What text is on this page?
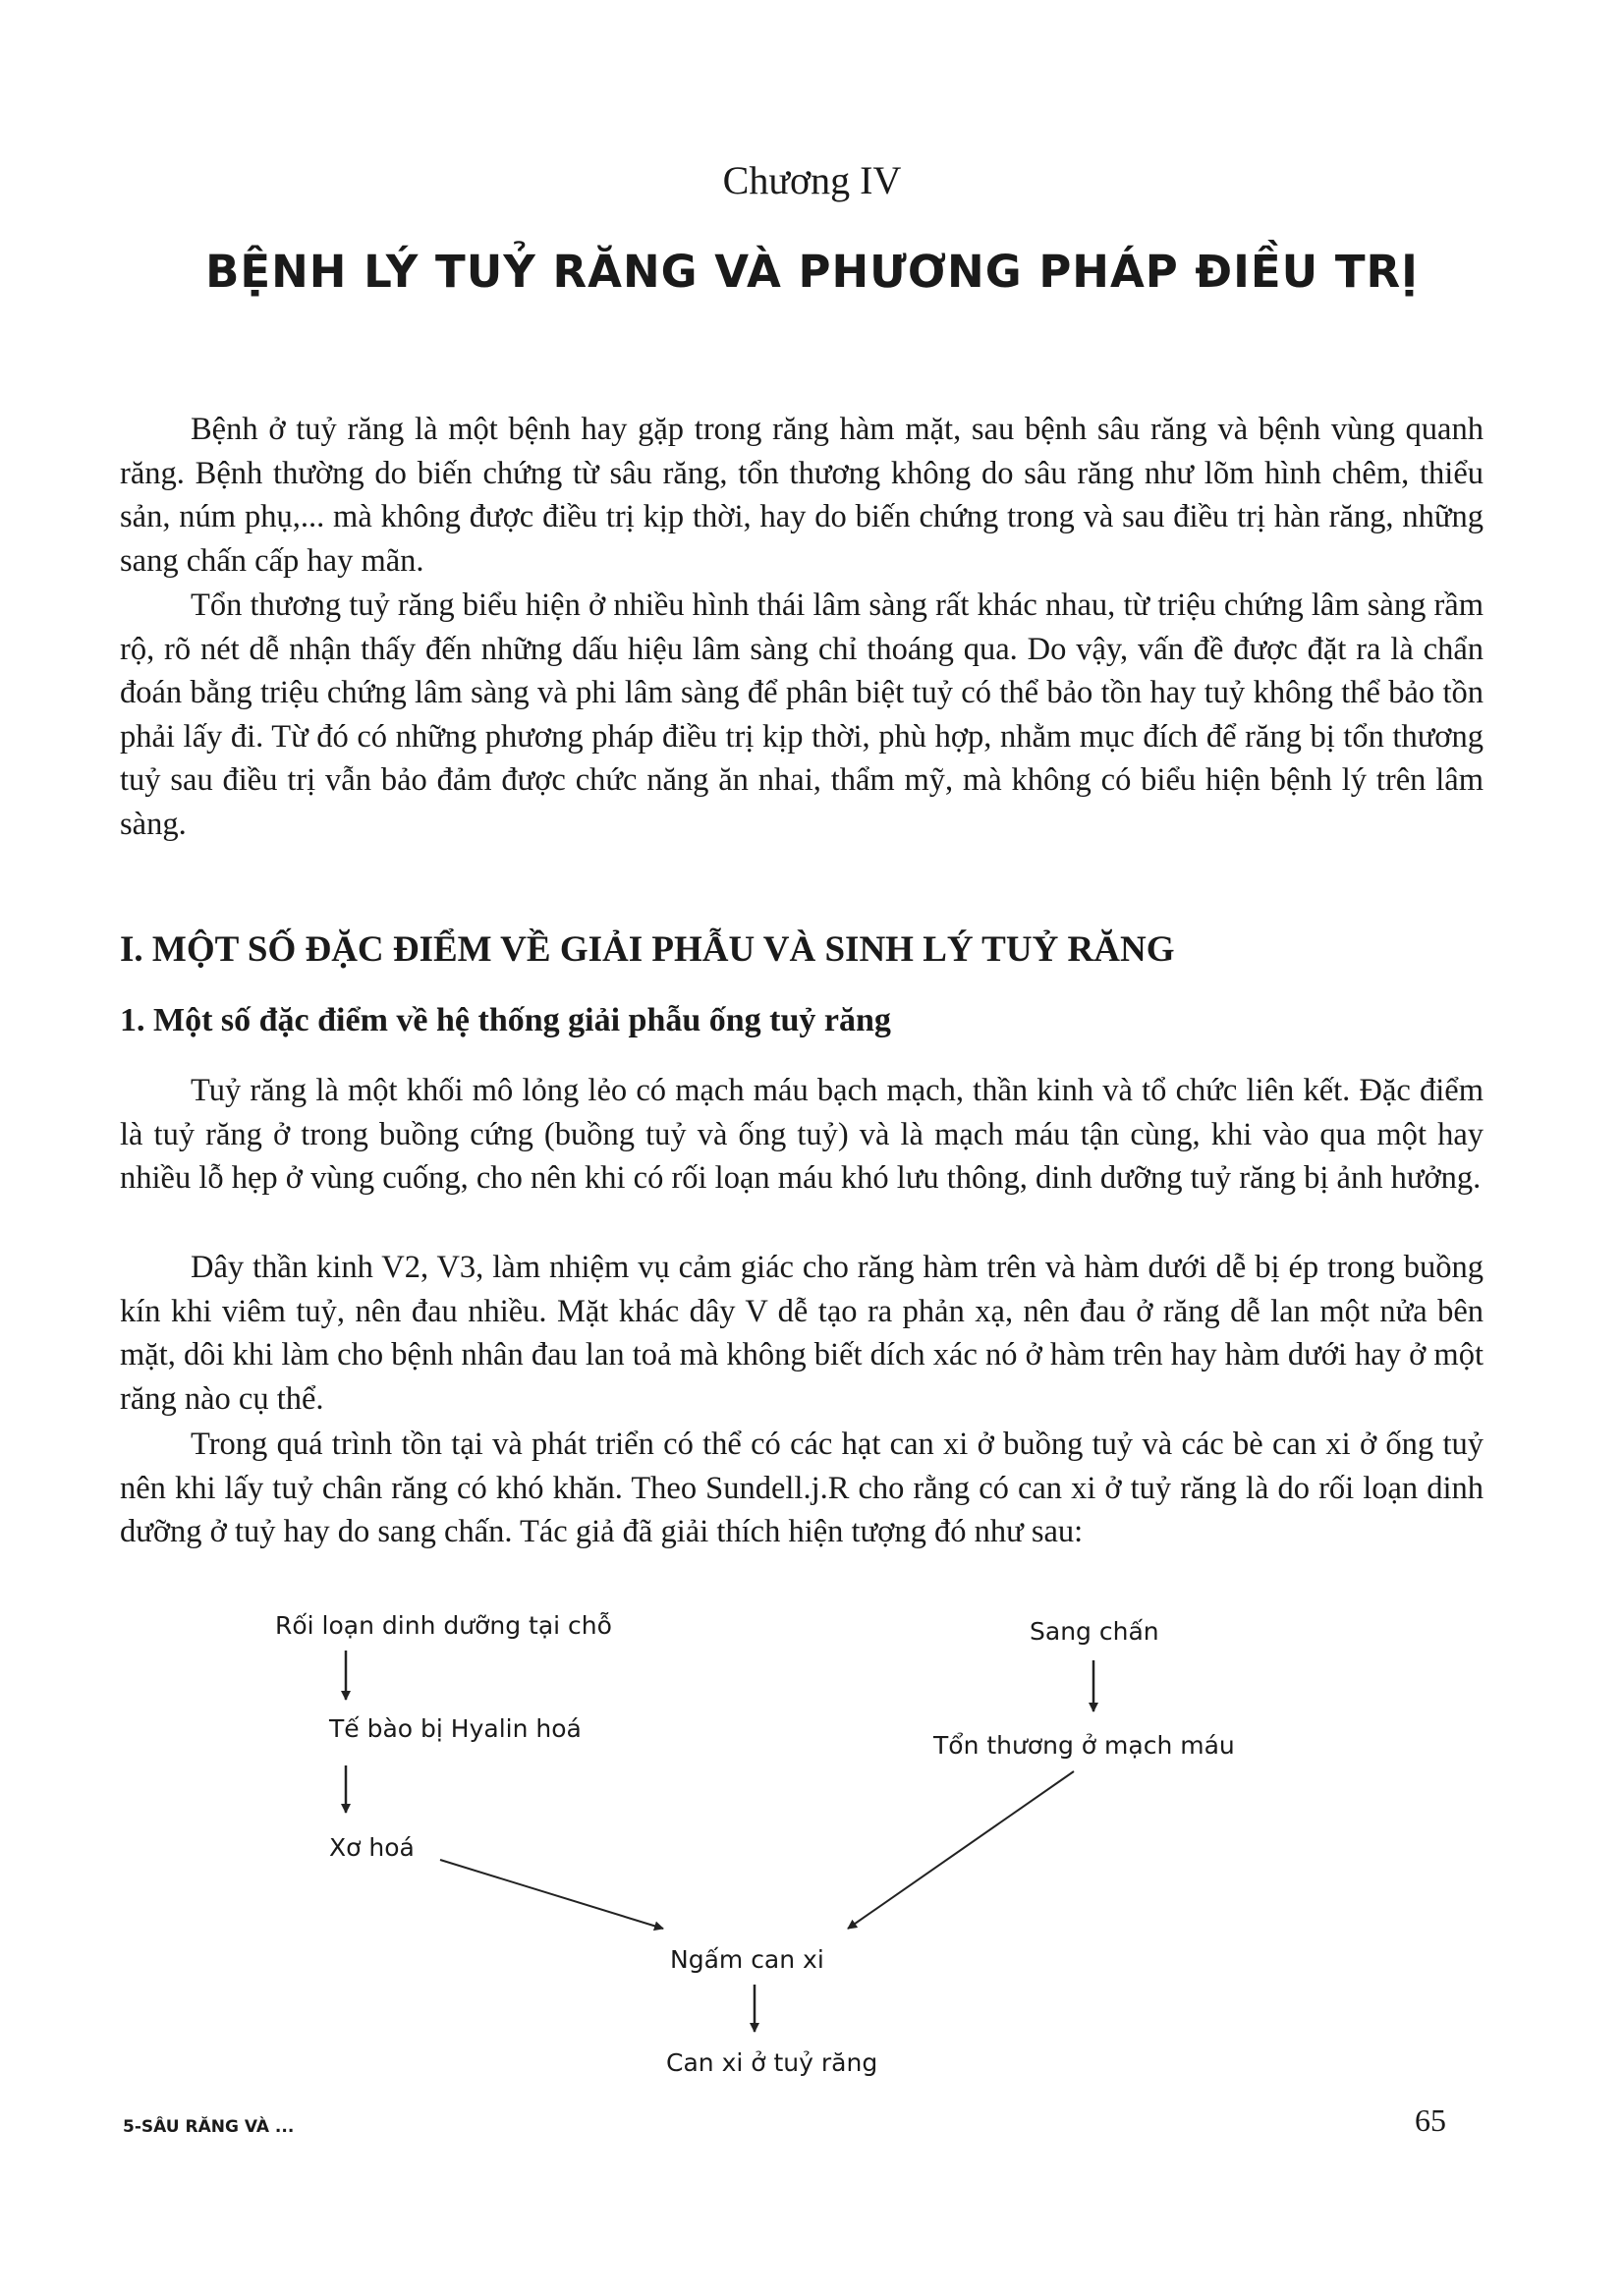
Chương IV
BỆNH LÝ TUỶ RĂNG VÀ PHƯƠNG PHÁP ĐIỀU TRỊ

Bệnh ở tuỷ răng là một bệnh hay gặp trong răng hàm mặt, sau bệnh sâu răng và bệnh vùng quanh răng. Bệnh thường do biến chứng từ sâu răng, tổn thương không do sâu răng như lõm hình chêm, thiểu sản, núm phụ,... mà không được điều trị kịp thời, hay do biến chứng trong và sau điều trị hàn răng, những sang chấn cấp hay mãn.

Tổn thương tuỷ răng biểu hiện ở nhiều hình thái lâm sàng rất khác nhau, từ triệu chứng lâm sàng rầm rộ, rõ nét dễ nhận thấy đến những dấu hiệu lâm sàng chỉ thoáng qua. Do vậy, vấn đề được đặt ra là chẩn đoán bằng triệu chứng lâm sàng và phi lâm sàng để phân biệt tuỷ có thể bảo tồn hay tuỷ không thể bảo tồn phải lấy đi. Từ đó có những phương pháp điều trị kịp thời, phù hợp, nhằm mục đích để răng bị tổn thương tuỷ sau điều trị vẫn bảo đảm được chức năng ăn nhai, thẩm mỹ, mà không có biểu hiện bệnh lý trên lâm sàng.

I. MỘT SỐ ĐẶC ĐIỂM VỀ GIẢI PHẪU VÀ SINH LÝ TUỶ RĂNG
1. Một số đặc điểm về hệ thống giải phẫu ống tuỷ răng

Tuỷ răng là một khối mô lỏng lẻo có mạch máu bạch mạch, thần kinh và tổ chức liên kết. Đặc điểm là tuỷ răng ở trong buồng cứng (buồng tuỷ và ống tuỷ) và là mạch máu tận cùng, khi vào qua một hay nhiều lỗ hẹp ở vùng cuống, cho nên khi có rối loạn máu khó lưu thông, dinh dưỡng tuỷ răng bị ảnh hưởng.

Dây thần kinh V2, V3, làm nhiệm vụ cảm giác cho răng hàm trên và hàm dưới dễ bị ép trong buồng kín khi viêm tuỷ, nên đau nhiều. Mặt khác dây V dễ tạo ra phản xạ, nên đau ở răng dễ lan một nửa bên mặt, dôi khi làm cho bệnh nhân đau lan toả mà không biết dích xác nó ở hàm trên hay hàm dưới hay ở một răng nào cụ thể.

Trong quá trình tồn tại và phát triển có thể có các hạt can xi ở buồng tuỷ và các bè can xi ở ống tuỷ nên khi lấy tuỷ chân răng có khó khăn. Theo Sundell.j.R cho rằng có can xi ở tuỷ răng là do rối loạn dinh dưỡng ở tuỷ hay do sang chấn. Tác giả đã giải thích hiện tượng đó như sau:

Rối loạn dinh dưỡng tại chỗ
Tế bào bị Hyalin hoá
Xơ hoá
Sang chấn
Tổn thương ở mạch máu
Ngấm can xi
Can xi ở tuỷ răng
5-SÂU RĂNG VÀ ...	65
